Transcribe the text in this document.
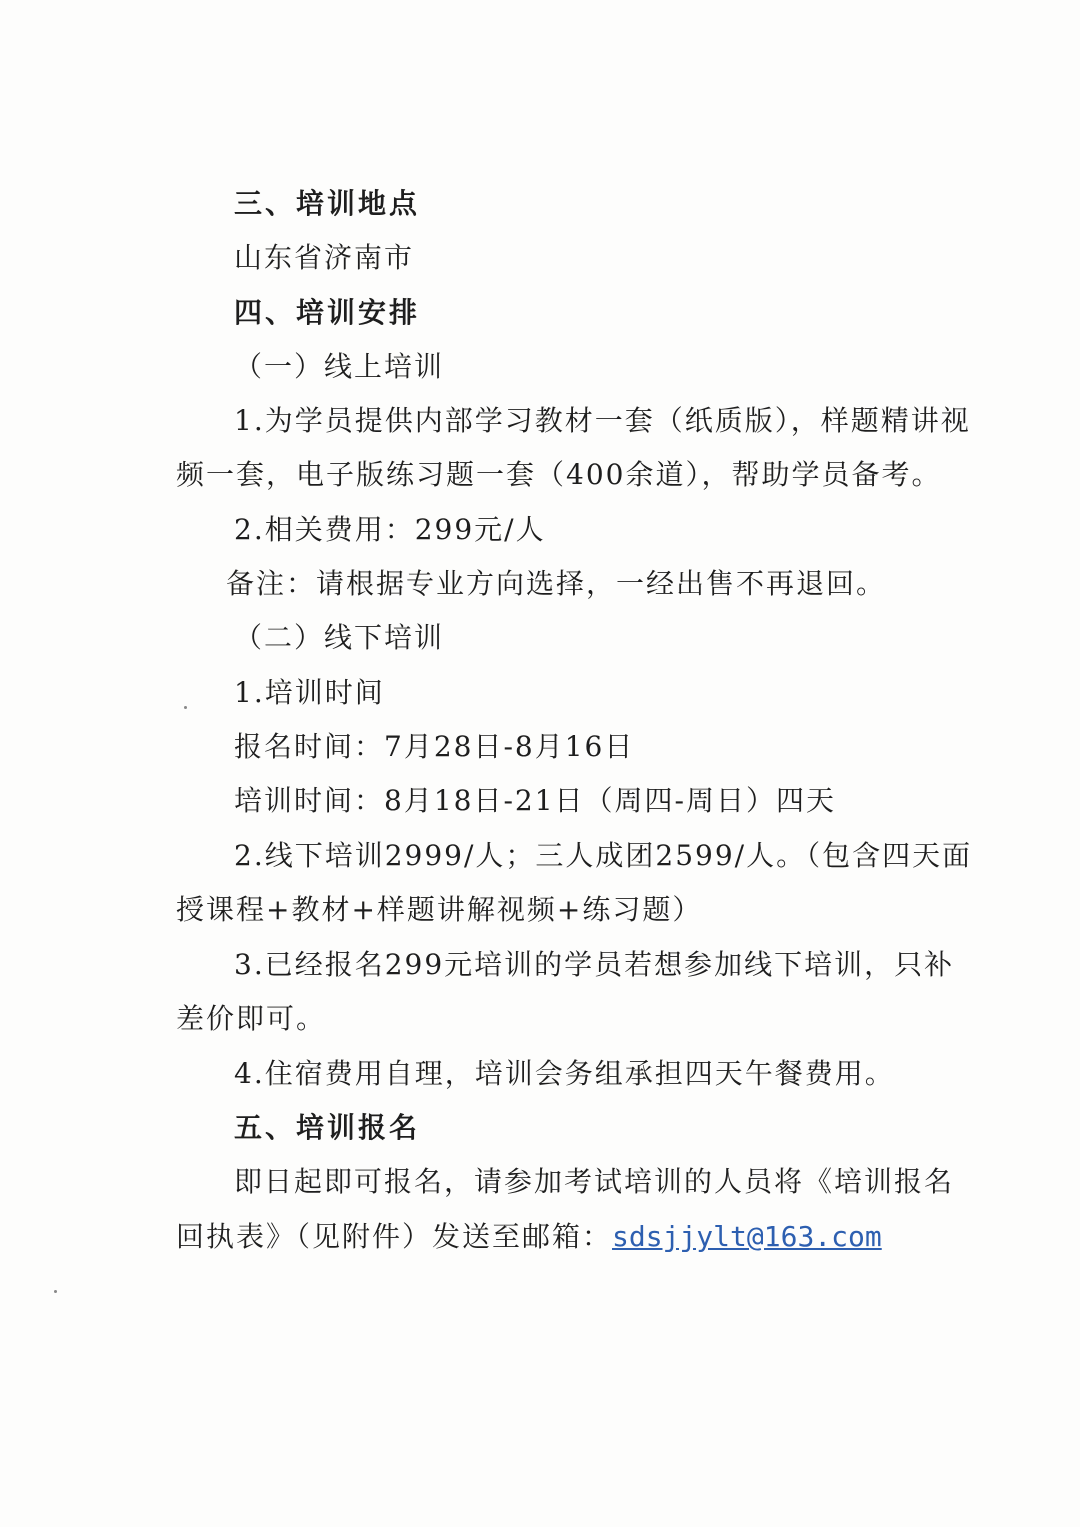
三、培训地点
山东省济南市
四、培训安排
（一）线上培训
1.为学员提供内部学习教材一套（纸质版），样题精讲视
频一套，电子版练习题一套（400余道），帮助学员备考。
2.相关费用：299元/人
备注：请根据专业方向选择，一经出售不再退回。
（二）线下培训
1.培训时间
报名时间：7月28日-8月16日
培训时间：8月18日-21日（周四-周日）四天
2.线下培训2999/人；三人成团2599/人。（包含四天面
授课程+教材+样题讲解视频+练习题）
3.已经报名299元培训的学员若想参加线下培训，只补
差价即可。
4.住宿费用自理，培训会务组承担四天午餐费用。
五、培训报名
即日起即可报名，请参加考试培训的人员将《培训报名
回执表》（见附件）发送至邮箱：sdsjjylt@163.com
